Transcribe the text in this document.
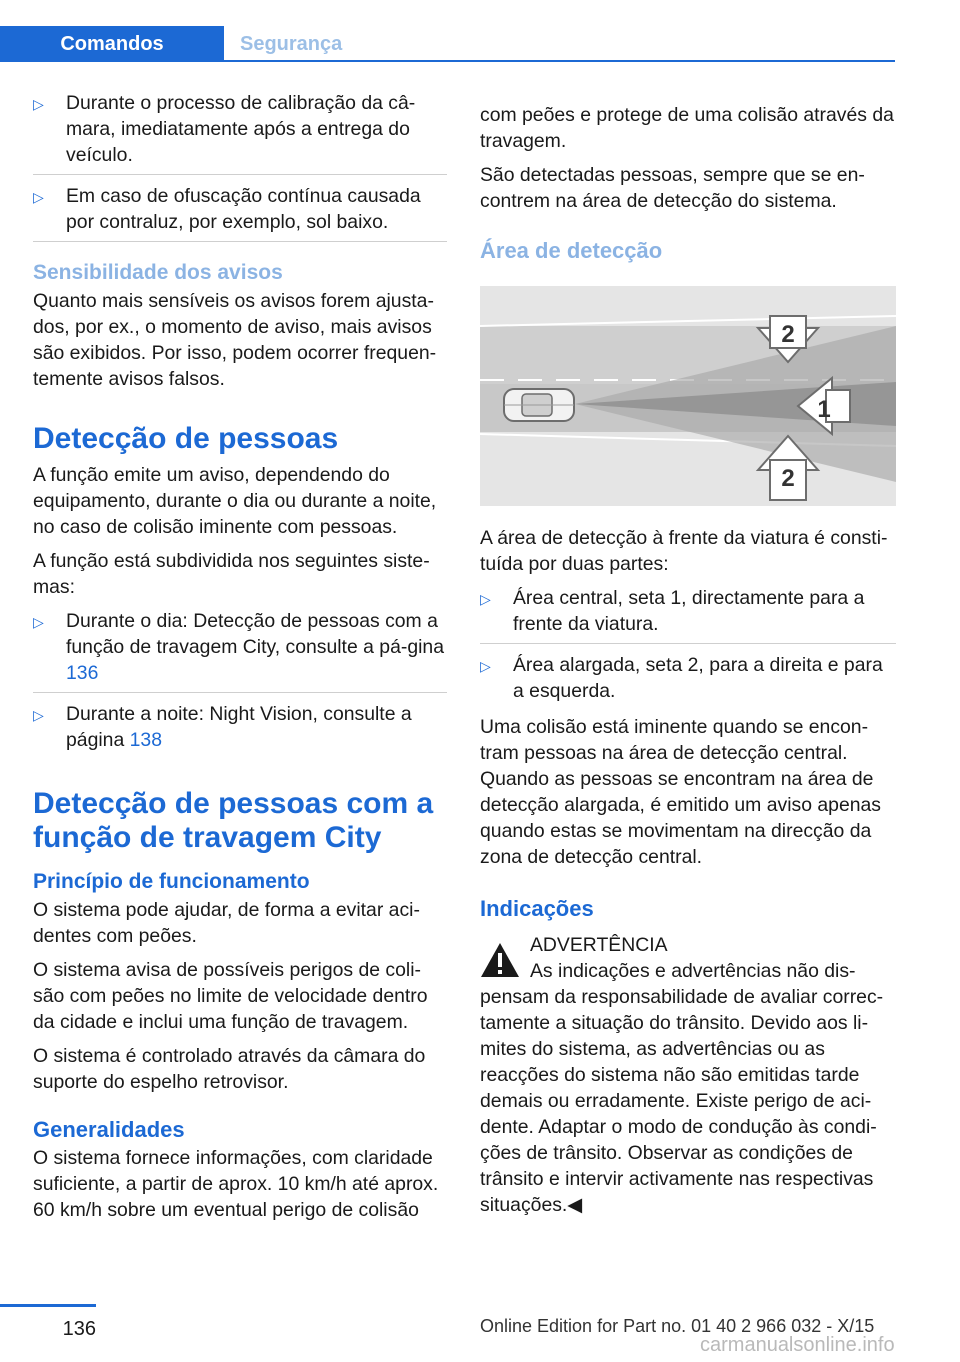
Comandos	Segurança
▷ Durante o processo de calibração da câ-mara, imediatamente após a entrega do veículo.
▷ Em caso de ofuscação contínua causada por contraluz, por exemplo, sol baixo.
Sensibilidade dos avisos

Quanto mais sensíveis os avisos forem ajusta-dos, por ex., o momento de aviso, mais avisos são exibidos. Por isso, podem ocorrer frequen-temente avisos falsos.

Detecção de pessoas

A função emite um aviso, dependendo do equipamento, durante o dia ou durante a noite, no caso de colisão iminente com pessoas.

A função está subdividida nos seguintes siste-mas:

▷ Durante o dia: Detecção de pessoas com a função de travagem City, consulte a pá-gina 136
▷ Durante a noite: Night Vision, consulte a página 138
Detecção de pessoas com a função de travagem City
Princípio de funcionamento

O sistema pode ajudar, de forma a evitar aci-dentes com peões.

O sistema avisa de possíveis perigos de coli-são com peões no limite de velocidade dentro da cidade e inclui uma função de travagem.

O sistema é controlado através da câmara do suporte do espelho retrovisor.

Generalidades

O sistema fornece informações, com claridade suficiente, a partir de aprox. 10 km/h até aprox. 60 km/h sobre um eventual perigo de colisão

com peões e protege de uma colisão através da travagem.

São detectadas pessoas, sempre que se en-contrem na área de detecção do sistema.

Área de detecção
2
1
2

A área de detecção à frente da viatura é consti-tuída por duas partes:

▷ Área central, seta 1, directamente para a frente da viatura.
▷ Área alargada, seta 2, para a direita e para a esquerda.

Uma colisão está iminente quando se encon-tram pessoas na área de detecção central. Quando as pessoas se encontram na área de detecção alargada, é emitido um aviso apenas quando estas se movimentam na direcção da zona de detecção central.

Indicações

ADVERTÊNCIA

As indicações e advertências não dis-pensam da responsabilidade de avaliar correc-tamente a situação do trânsito. Devido aos li-mites do sistema, as advertências ou as reacções do sistema não são emitidas tarde demais ou erradamente. Existe perigo de aci-dente. Adaptar o modo de condução às condi-ções de trânsito. Observar as condições de trânsito e intervir activamente nas respectivas situações.◀

136	Online Edition for Part no. 01 40 2 966 032 - X/15
carmanualsonline.info
